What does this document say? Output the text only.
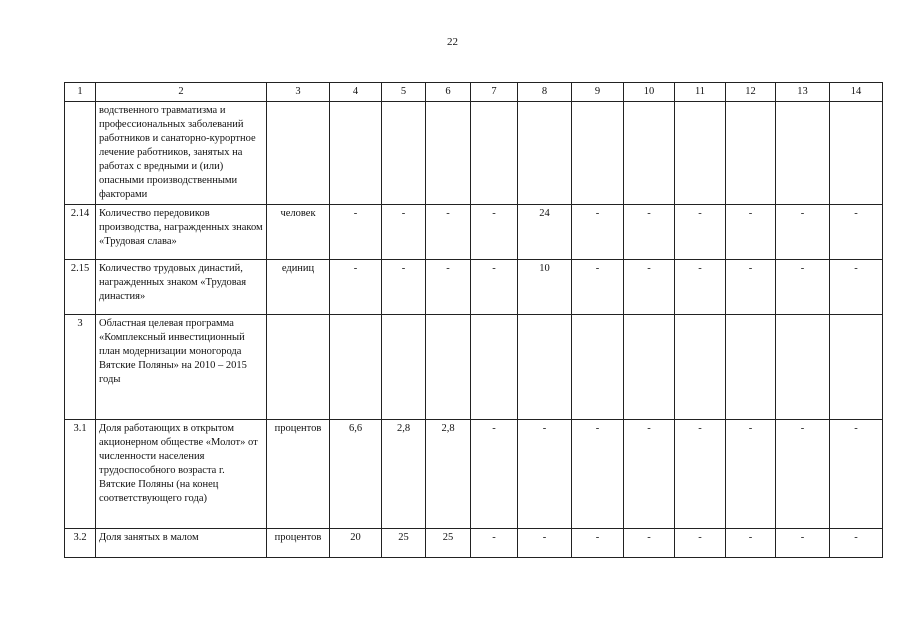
22
1	2	3	4	5	6	7	8	9	10	11	12	13	14
	водственного травматизма и профессиональных заболеваний работников и санаторно-курортное лечение работников, занятых на работах с вредными и (или) опасными производственными факторами												
2.14	Количество передовиков производства, награжденных знаком «Трудовая слава»	человек	-	-	-	-	24	-	-	-	-	-	-
2.15	Количество трудовых династий, награжденных знаком «Трудовая династия»	единиц	-	-	-	-	10	-	-	-	-	-	-
3	Областная целевая программа «Комплексный инвестиционный план модернизации моногорода Вятские Поляны» на 2010 – 2015 годы												
3.1	Доля работающих в открытом акционерном обществе «Молот» от численности населения трудоспособного возраста г. Вятские Поляны (на конец соответствующего года)	процентов	6,6	2,8	2,8	-	-	-	-	-	-	-	-
3.2	Доля занятых в малом	процентов	20	25	25	-	-	-	-	-	-	-	-
